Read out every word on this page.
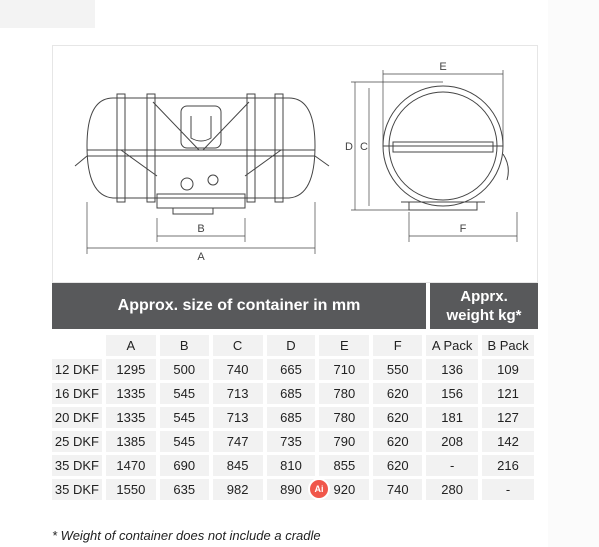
B
A
E
D C
F
Approx. size of container in mm
Apprx.
weight kg*
	A	B	C	D	E	F	A Pack	B Pack
12 DKF	1295	500	740	665	710	550	136	109
16 DKF	1335	545	713	685	780	620	156	121
20 DKF	1335	545	713	685	780	620	181	127
25 DKF	1385	545	747	735	790	620	208	142
35 DKF	1470	690	845	810	855	620	-	216
35 DKF	1550	635	982	890	920	740	280	-
* Weight of container does not include a cradle
Ai
